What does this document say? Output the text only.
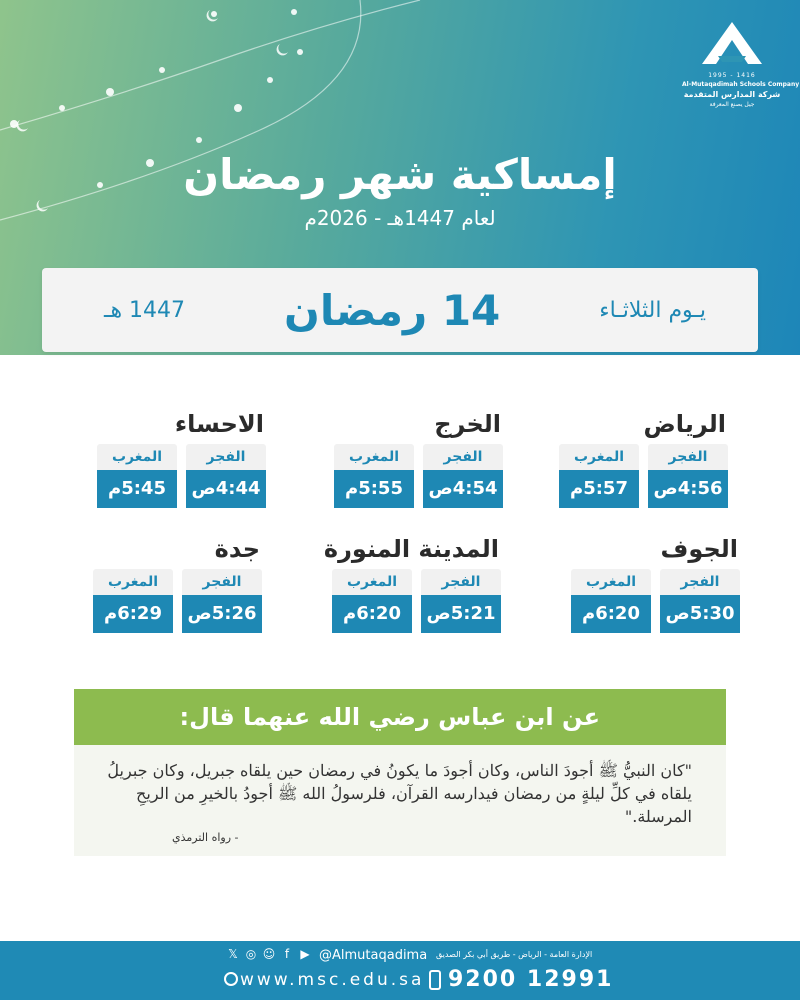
1995 - 1416
Al-Mutaqadimah Schools Company
شركة المدارس المتقدمة
جيل يصنع المعرفة
إمساكية شهر رمضان
لعام 1447هـ - 2026م
يـوم الثلاثـاء
14 رمضان
1447 هـ
الرياض
الفجر
4:56ص
المغرب
5:57م
الخرج
الفجر
4:54ص
المغرب
5:55م
الاحساء
الفجر
4:44ص
المغرب
5:45م
الجوف
الفجر
5:30ص
المغرب
6:20م
المدينة المنورة
الفجر
5:21ص
المغرب
6:20م
جدة
الفجر
5:26ص
المغرب
6:29م
عن ابن عباس رضي الله عنهما قال:
"كان النبيُّ ﷺ أجودَ الناس، وكان أجودَ ما يكونُ في رمضان حين يلقاه جبريل، وكان جبريلُ يلقاه في كلِّ ليلةٍ من رمضان فيدارسه القرآن، فلرسولُ الله ﷺ أجودُ بالخيرِ من الريحِ المرسلة."
- رواه الترمذي
𝕏 ◎ ☺ f ▶ @Almutaqadima الإدارة العامة - الرياض - طريق أبي بكر الصديق
www.msc.edu.sa 9200 12991
